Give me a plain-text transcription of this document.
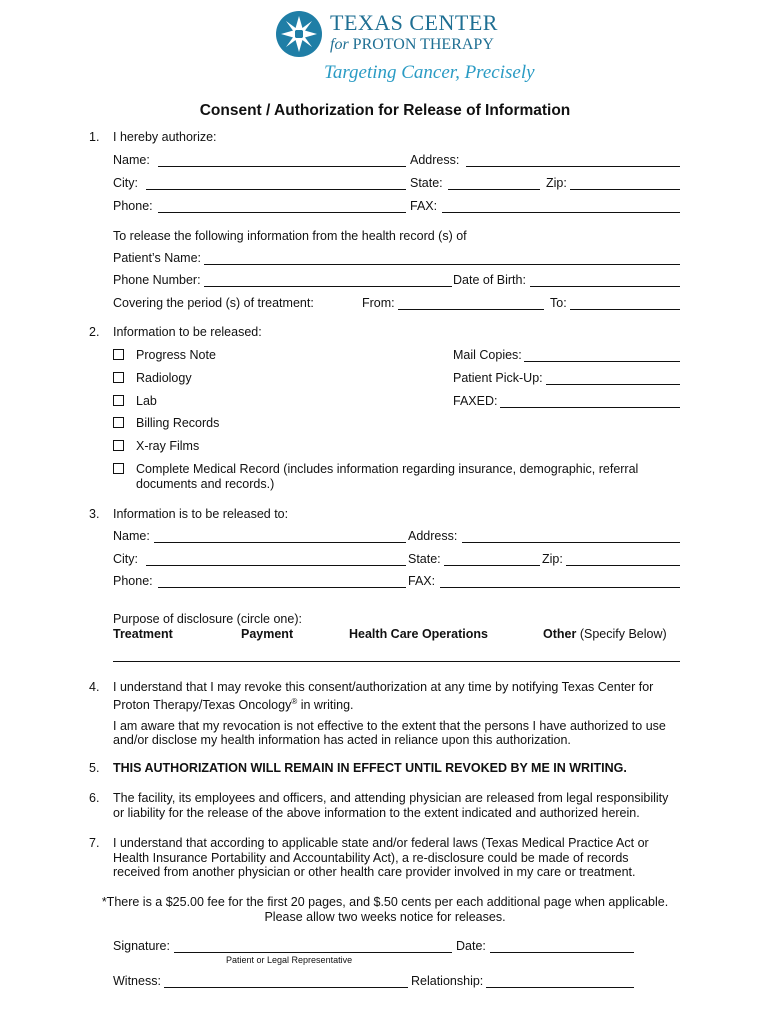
TEXAS CENTER
for PROTON THERAPY
Targeting Cancer, Precisely
Consent / Authorization for Release of Information
1. I hereby authorize:
Name:	Address:
City:	State:	Zip:
Phone:	FAX:
To release the following information from the health record (s) of
Patient’s Name:
Phone Number:	Date of Birth:
Covering the period (s) of treatment:	From:	To:
2. Information to be released:
Progress Note	Mail Copies:
Radiology	Patient Pick-Up:
Lab	FAXED:
Billing Records
X-ray Films
Complete Medical Record (includes information regarding insurance, demographic, referral
documents and records.)
3. Information is to be released to:
Name:	Address:
City:	State:	Zip:
Phone:	FAX:
Purpose of disclosure (circle one):
Treatment	Payment	Health Care Operations	Other (Specify Below)
4. I understand that I may revoke this consent/authorization at any time by notifying Texas Center for
Proton Therapy/Texas Oncology® in writing.
I am aware that my revocation is not effective to the extent that the persons I have authorized to use
and/or disclose my health information has acted in reliance upon this authorization.
5. THIS AUTHORIZATION WILL REMAIN IN EFFECT UNTIL REVOKED BY ME IN WRITING.
6. The facility, its employees and officers, and attending physician are released from legal responsibility
or liability for the release of the above information to the extent indicated and authorized herein.
7. I understand that according to applicable state and/or federal laws (Texas Medical Practice Act or
Health Insurance Portability and Accountability Act), a re-disclosure could be made of records
received from another physician or other health care provider involved in my care or treatment.
*There is a $25.00 fee for the first 20 pages, and $.50 cents per each additional page when applicable.
Please allow two weeks notice for releases.
Signature:	Date:
Patient or Legal Representative
Witness:	Relationship:
